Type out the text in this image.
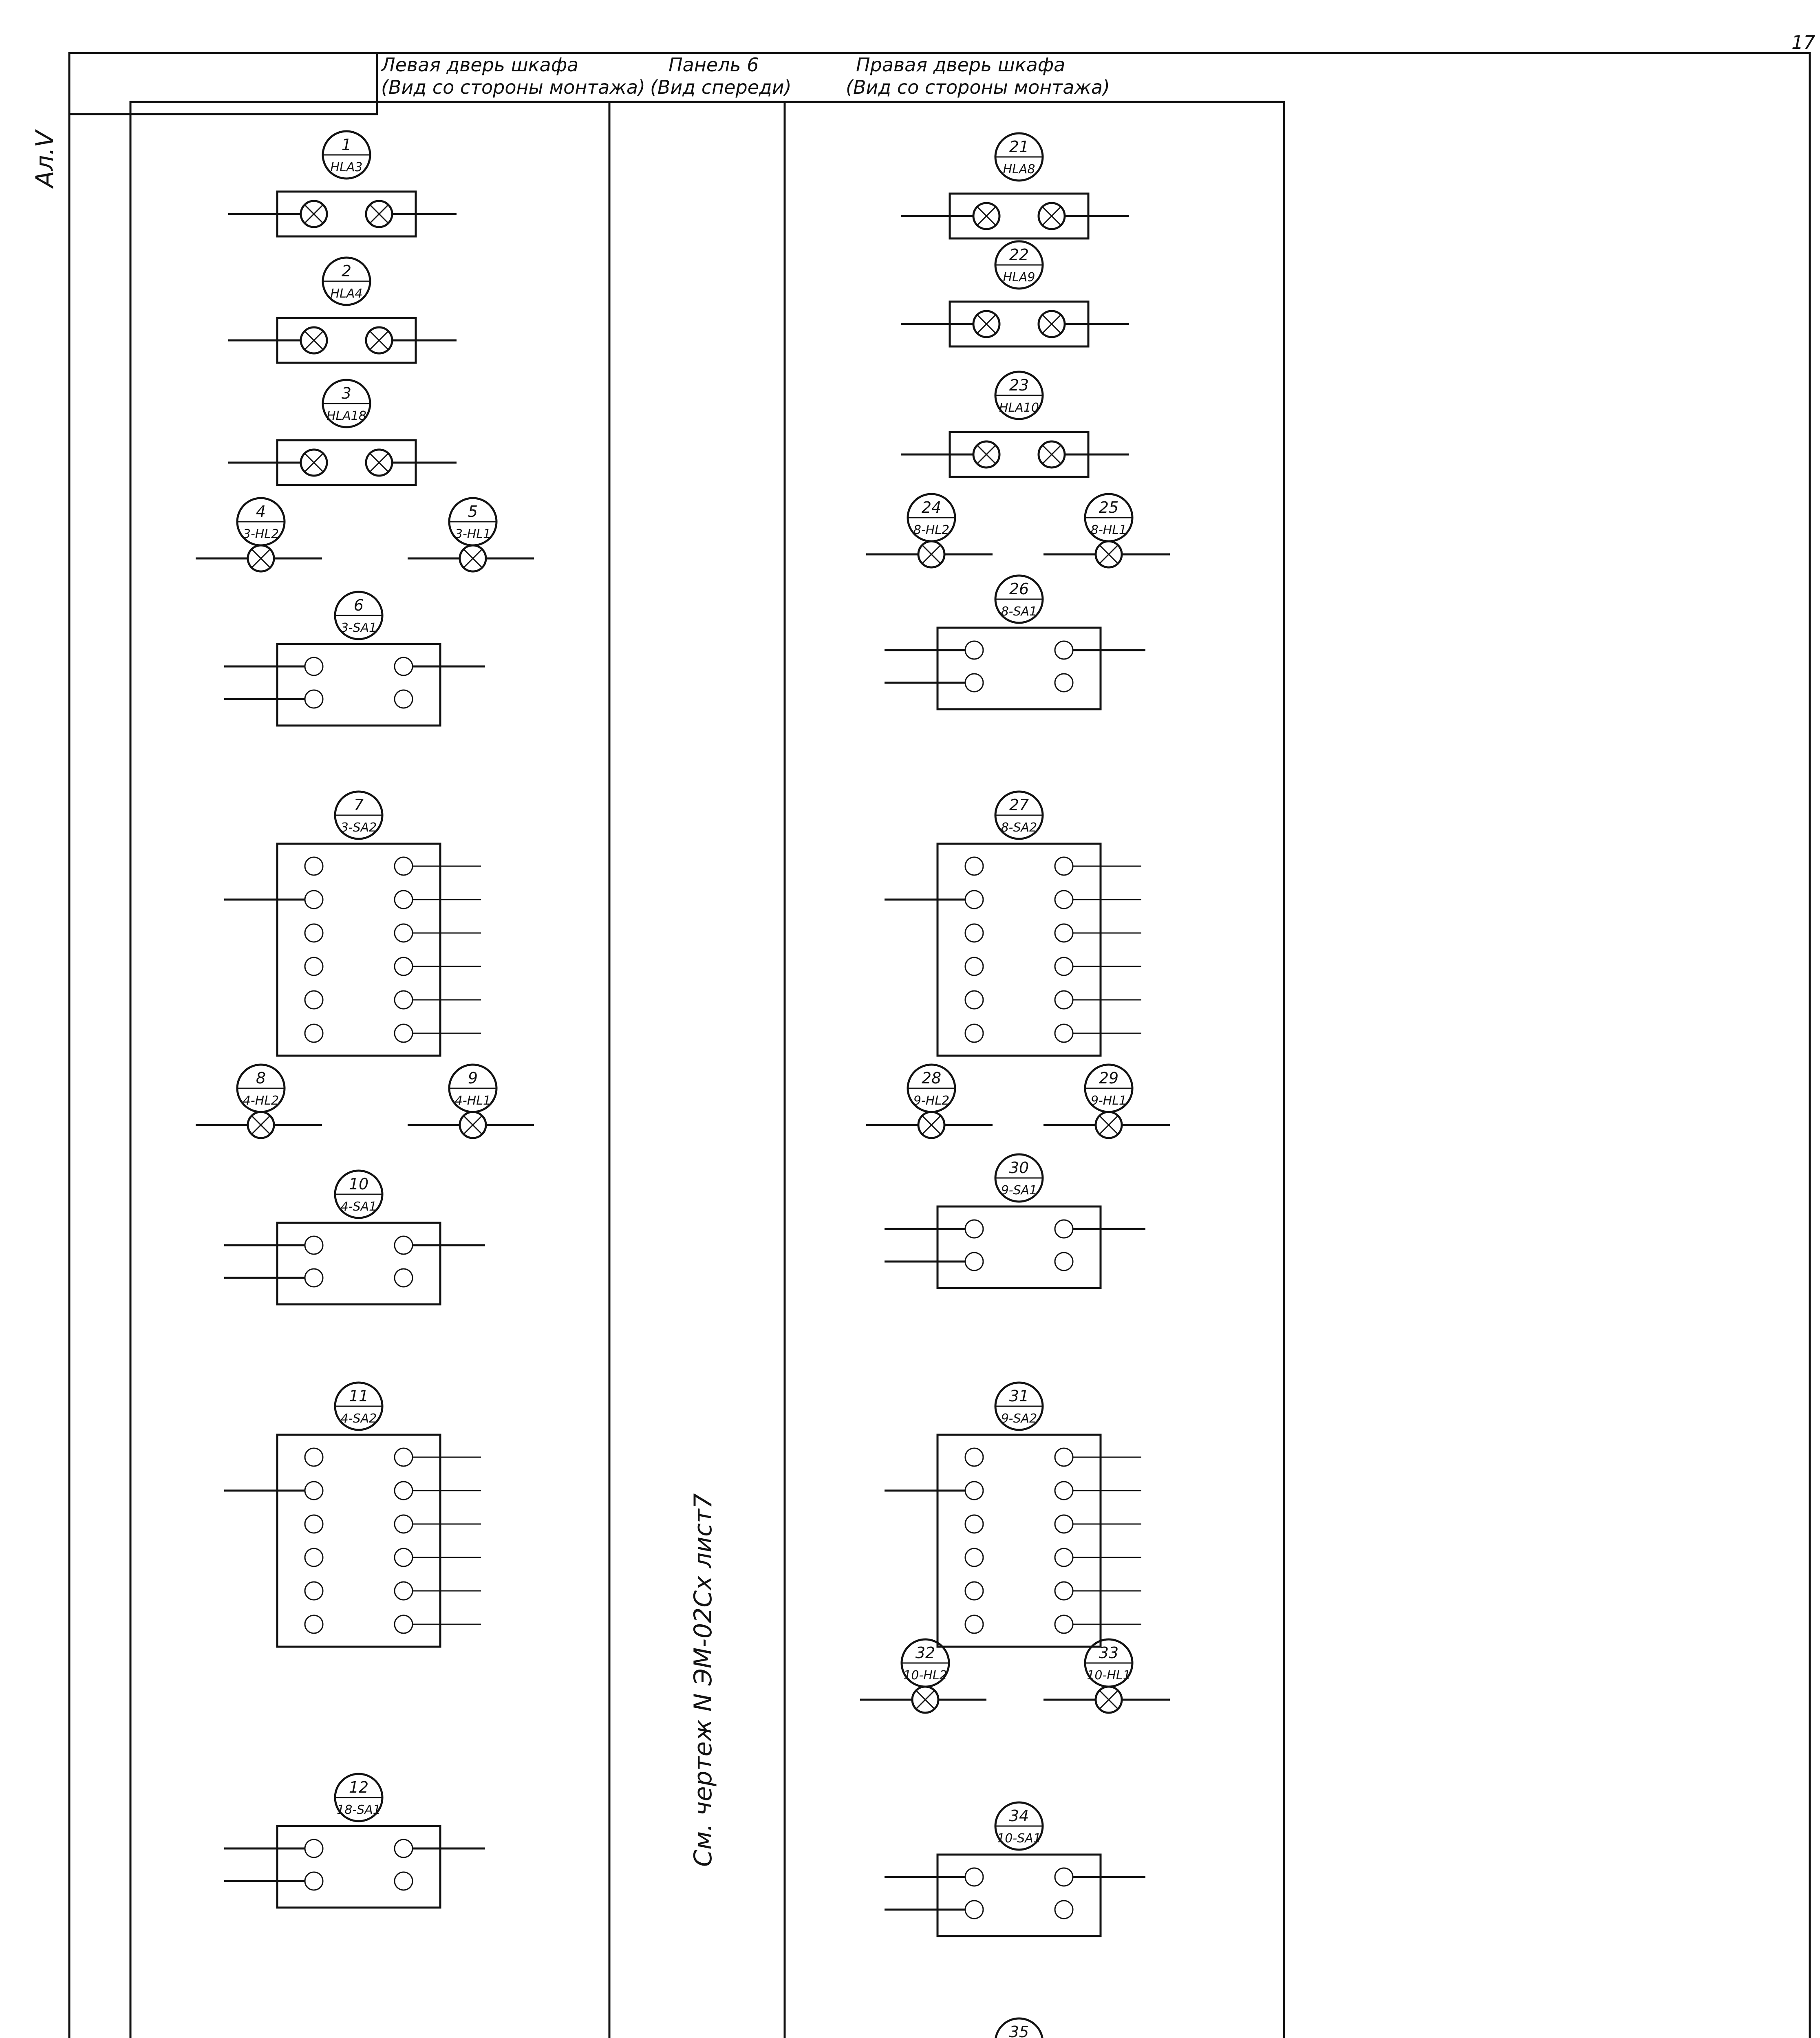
17
Ал.V
Левая дверь шкафа
(Вид со стороны монтажа)
Панель 6
(Вид спереди)
Правая дверь шкафа
(Вид со стороны монтажа)
См. чертеж N ЭМ-02Сх лист7
1
HLA3
2
HLA4
3
HLA18
4
3-HL2
5
3-HL1
6
3-SA1
7
3-SA2
8
4-HL2
9
4-HL1
10
4-SA1
11
4-SA2
12
18-SA1
21
HLA8
22
HLA9
23
HLA10
24
8-HL2
25
8-HL1
26
8-SA1
27
8-SA2
28
9-HL2
29
9-HL1
30
9-SA1
31
9-SA2
32
10-HL2
33
10-HL1
34
10-SA1
35
